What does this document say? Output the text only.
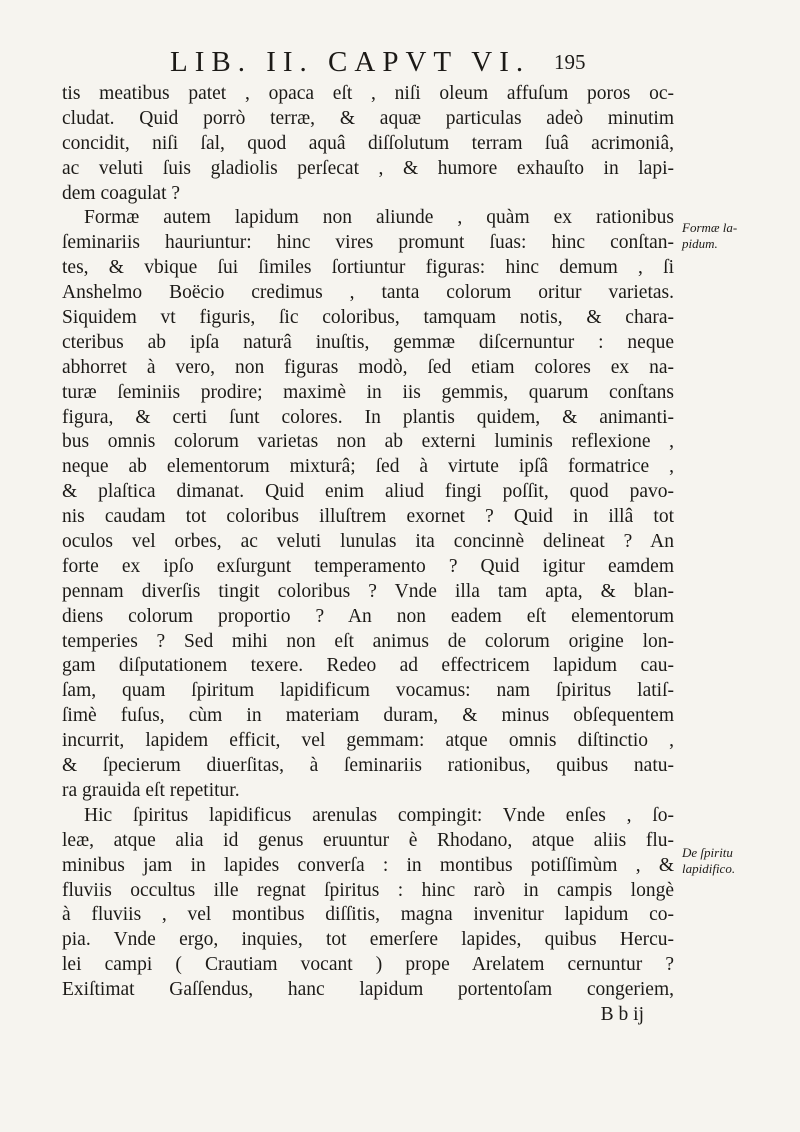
LIB. II. CAPVT VI. 195
tis meatibus patet , opaca eſt , niſi oleum affuſum poros oc-
cludat. Quid porrò terræ, & aquæ particulas adeò minutim
concidit, niſi ſal, quod aquâ diſſolutum terram ſuâ acrimoniâ,
ac veluti ſuis gladiolis perſecat , & humore exhauſto in lapi-
dem coagulat ?
Formæ autem lapidum non aliunde , quàm ex rationibus
ſeminariis hauriuntur: hinc vires promunt ſuas: hinc conſtan-
tes, & vbique ſui ſimiles ſortiuntur figuras: hinc demum , ſi
Anshelmo Boëcio credimus , tanta colorum oritur varietas.
Siquidem vt figuris, ſic coloribus, tamquam notis, & chara-
cteribus ab ipſa naturâ inuſtis, gemmæ diſcernuntur : neque
abhorret à vero, non figuras modò, ſed etiam colores ex na-
turæ ſeminiis prodire; maximè in iis gemmis, quarum conſtans
figura, & certi ſunt colores. In plantis quidem, & animanti-
bus omnis colorum varietas non ab externi luminis reflexione ,
neque ab elementorum mixturâ; ſed à virtute ipſâ formatrice ,
& plaſtica dimanat. Quid enim aliud fingi poſſit, quod pavo-
nis caudam tot coloribus illuſtrem exornet ? Quid in illâ tot
oculos vel orbes, ac veluti lunulas ita concinnè delineat ? An
forte ex ipſo exſurgunt temperamento ? Quid igitur eamdem
pennam diverſis tingit coloribus ? Vnde illa tam apta, & blan-
diens colorum proportio ? An non eadem eſt elementorum
temperies ? Sed mihi non eſt animus de colorum origine lon-
gam diſputationem texere. Redeo ad effectricem lapidum cau-
ſam, quam ſpiritum lapidificum vocamus: nam ſpiritus latiſ-
ſimè fuſus, cùm in materiam duram, & minus obſequentem
incurrit, lapidem efficit, vel gemmam: atque omnis diſtinctio ,
& ſpecierum diuerſitas, à ſeminariis rationibus, quibus natu-
ra grauida eſt repetitur.
Hic ſpiritus lapidificus arenulas compingit: Vnde enſes , ſo-
leæ, atque alia id genus eruuntur è Rhodano, atque aliis flu-
minibus jam in lapides converſa : in montibus potiſſimùm , &
fluviis occultus ille regnat ſpiritus : hinc rarò in campis longè
à fluviis , vel montibus diſſitis, magna invenitur lapidum co-
pia. Vnde ergo, inquies, tot emerſere lapides, quibus Hercu-
lei campi ( Crautiam vocant ) prope Arelatem cernuntur ?
Exiſtimat Gaſſendus, hanc lapidum portentoſam congeriem,
B b ij
Formæ la-
pidum.
De ſpiritu
lapidifico.
